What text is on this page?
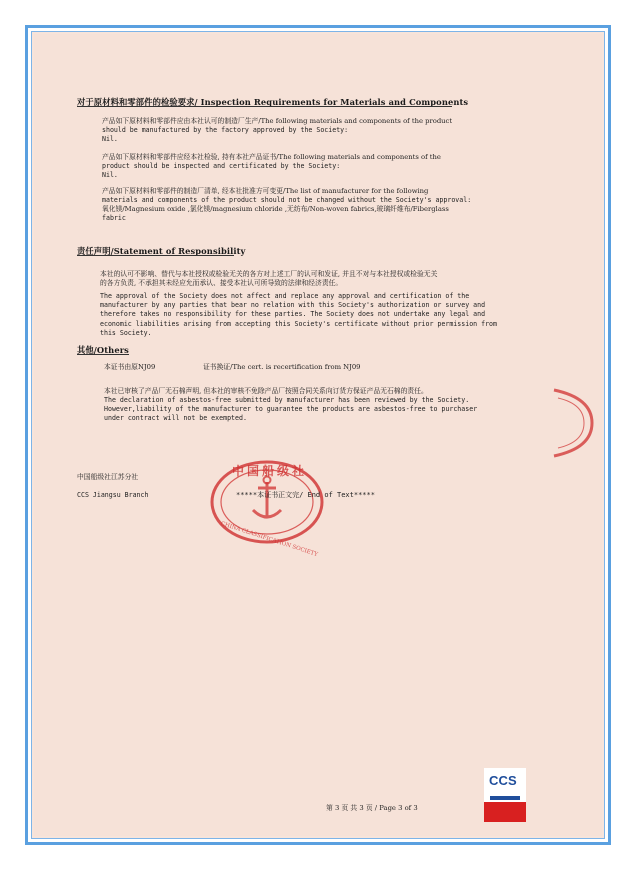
对于原材料和零部件的检验要求/ Inspection Requirements for Materials and Components
产品如下原材料和零部件应由本社认可的制造厂生产/The following materials and components of the product
should be manufactured by the factory approved by the Society:
Nil.
产品如下原材料和零部件应经本社检验, 持有本社产品证书/The following materials and components of the
product should be inspected and certificated by the Society:
Nil.
产品如下原材料和零部件的制造厂清单, 经本社批准方可变更/The list of manufacturer for the following
materials and components of the product should not be changed without the Society's approval:
氧化镁/Magnesium oxide ,氯化镁/magnesium chloride ,无纺布/Non-woven fabrics,玻璃纤维布/Fiberglass
fabric
责任声明/Statement of Responsibility
本社的认可不影响、替代与本社授权或检验无关的各方对上述工厂的认可和发证, 并且不对与本社授权或检验无关
的各方负责, 不承担其未经应允而承认、接受本社认可所导致的法律和经济责任。
The approval of the Society does not affect and replace any approval and certification of the
manufacturer by any parties that bear no relation with this Society's authorization or survey and
therefore takes no responsibility for these parties. The Society does not undertake any legal and
economic liabilities arising from accepting this Society's certificate without prior permission from
this Society.
其他/Others
本证书由原NJ09	证书换证/The cert. is recertification from NJ09
本社已审核了产品厂无石棉声明, 但本社的审核不免除产品厂按照合同关系向订货方保证产品无石棉的责任。
The declaration of asbestos-free submitted by manufacturer has been reviewed by the Society.
However,liability of the manufacturer to guarantee the products are asbestos-free to purchaser
under contract will not be exempted.
中国船级社江苏分社
CCS Jiangsu Branch
中国船级社
CHINA CLASSIFICATION SOCIETY
*****本证书正文完/ End of Text*****
第 3 页 共 3 页 / Page 3 of 3
CCS
